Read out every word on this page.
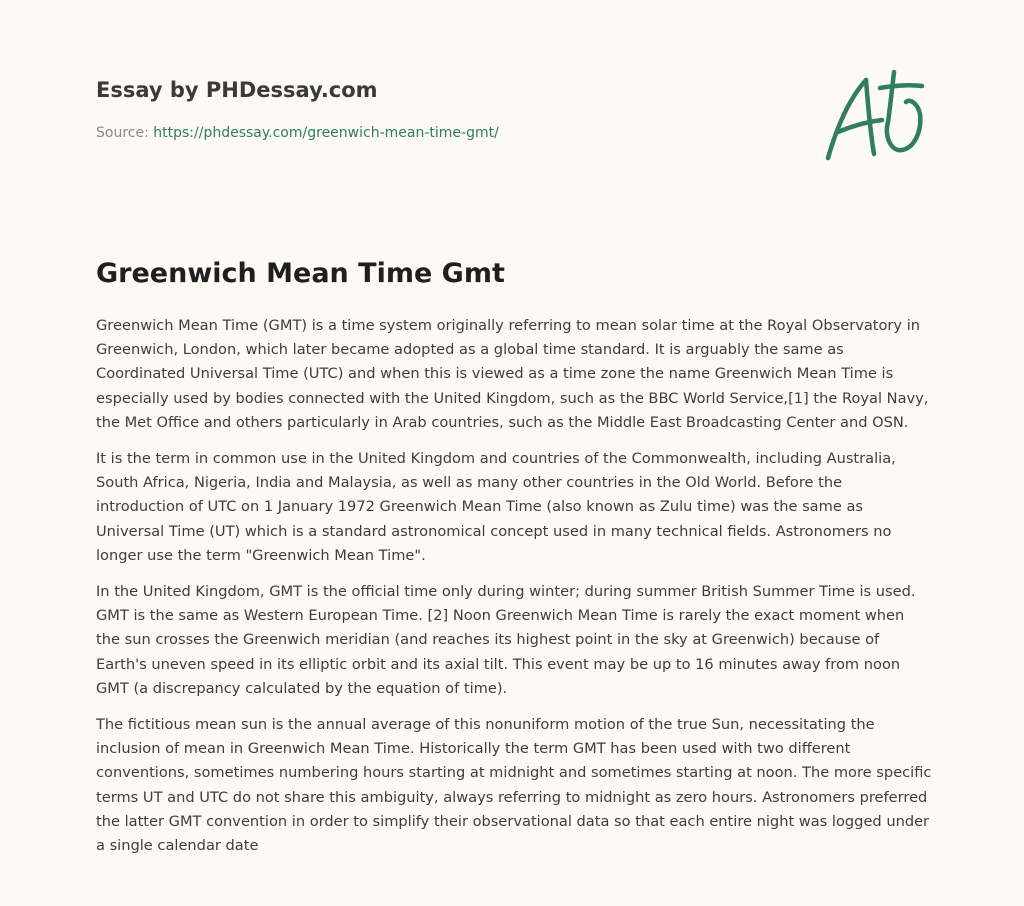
Essay by PHDessay.com
Source: https://phdessay.com/greenwich-mean-time-gmt/
Greenwich Mean Time Gmt

Greenwich Mean Time (GMT) is a time system originally referring to mean solar time at the Royal Observatory in Greenwich, London, which later became adopted as a global time standard. It is arguably the same as Coordinated Universal Time (UTC) and when this is viewed as a time zone the name Greenwich Mean Time is especially used by bodies connected with the United Kingdom, such as the BBC World Service,[1] the Royal Navy, the Met Office and others particularly in Arab countries, such as the Middle East Broadcasting Center and OSN.

It is the term in common use in the United Kingdom and countries of the Commonwealth, including Australia, South Africa, Nigeria, India and Malaysia, as well as many other countries in the Old World. Before the introduction of UTC on 1 January 1972 Greenwich Mean Time (also known as Zulu time) was the same as Universal Time (UT) which is a standard astronomical concept used in many technical fields. Astronomers no longer use the term "Greenwich Mean Time".

In the United Kingdom, GMT is the official time only during winter; during summer British Summer Time is used. GMT is the same as Western European Time. [2] Noon Greenwich Mean Time is rarely the exact moment when the sun crosses the Greenwich meridian (and reaches its highest point in the sky at Greenwich) because of Earth's uneven speed in its elliptic orbit and its axial tilt. This event may be up to 16 minutes away from noon GMT (a discrepancy calculated by the equation of time).

The fictitious mean sun is the annual average of this nonuniform motion of the true Sun, necessitating the inclusion of mean in Greenwich Mean Time. Historically the term GMT has been used with two different conventions, sometimes numbering hours starting at midnight and sometimes starting at noon. The more specific terms UT and UTC do not share this ambiguity, always referring to midnight as zero hours. Astronomers preferred the latter GMT convention in order to simplify their observational data so that each entire night was logged under a single calendar date
